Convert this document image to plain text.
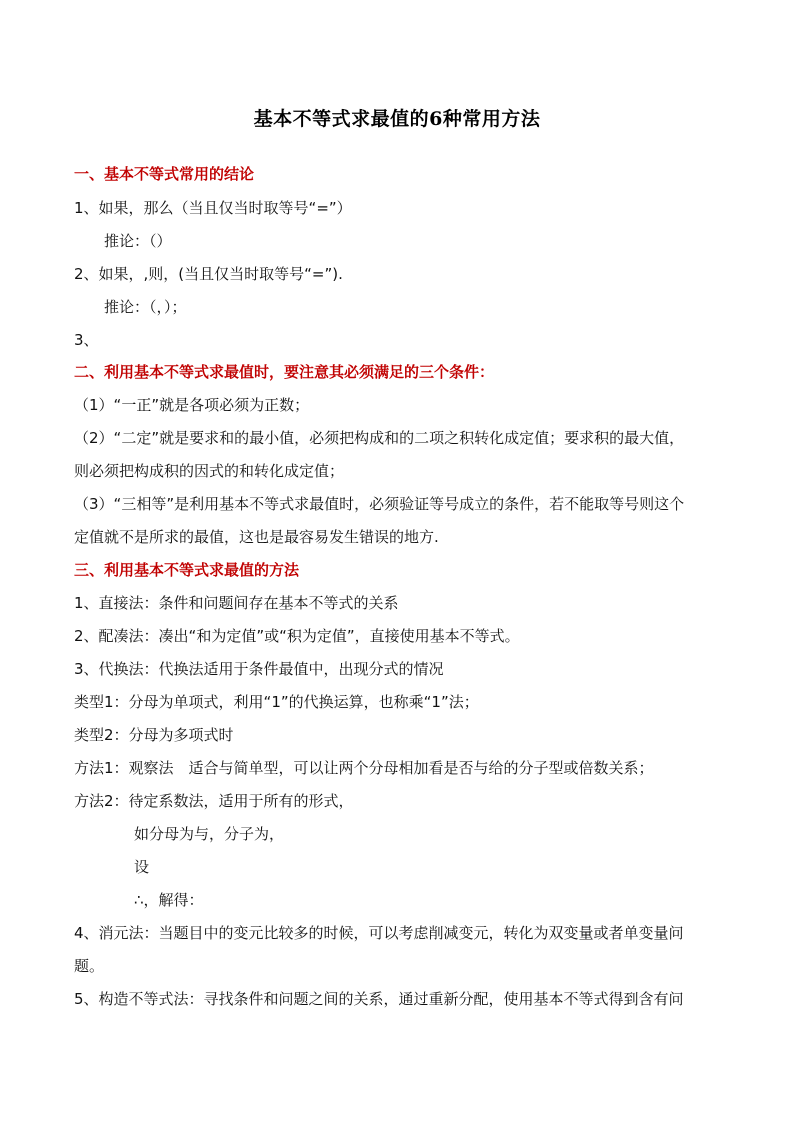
基本不等式求最值的6种常用方法
一、基本不等式常用的结论
1、如果，那么（当且仅当时取等号“=”）
推论：（）
2、如果，,则，(当且仅当时取等号“=”).
推论：（，）；
3、
二、利用基本不等式求最值时，要注意其必须满足的三个条件：
（1）“一正”就是各项必须为正数；
（2）“二定”就是要求和的最小值，必须把构成和的二项之积转化成定值；要求积的最大值，
则必须把构成积的因式的和转化成定值；
（3）“三相等”是利用基本不等式求最值时，必须验证等号成立的条件，若不能取等号则这个
定值就不是所求的最值，这也是最容易发生错误的地方.
三、利用基本不等式求最值的方法
1、直接法：条件和问题间存在基本不等式的关系
2、配凑法：凑出“和为定值”或“积为定值”，直接使用基本不等式。
3、代换法：代换法适用于条件最值中，出现分式的情况
类型1：分母为单项式，利用“1”的代换运算，也称乘“1”法；
类型2：分母为多项式时
方法1：观察法　适合与简单型，可以让两个分母相加看是否与给的分子型或倍数关系；
方法2：待定系数法，适用于所有的形式，
如分母为与，分子为，
设
∴，解得：
4、消元法：当题目中的变元比较多的时候，可以考虑削减变元，转化为双变量或者单变量问
题。
5、构造不等式法：寻找条件和问题之间的关系，通过重新分配，使用基本不等式得到含有问
